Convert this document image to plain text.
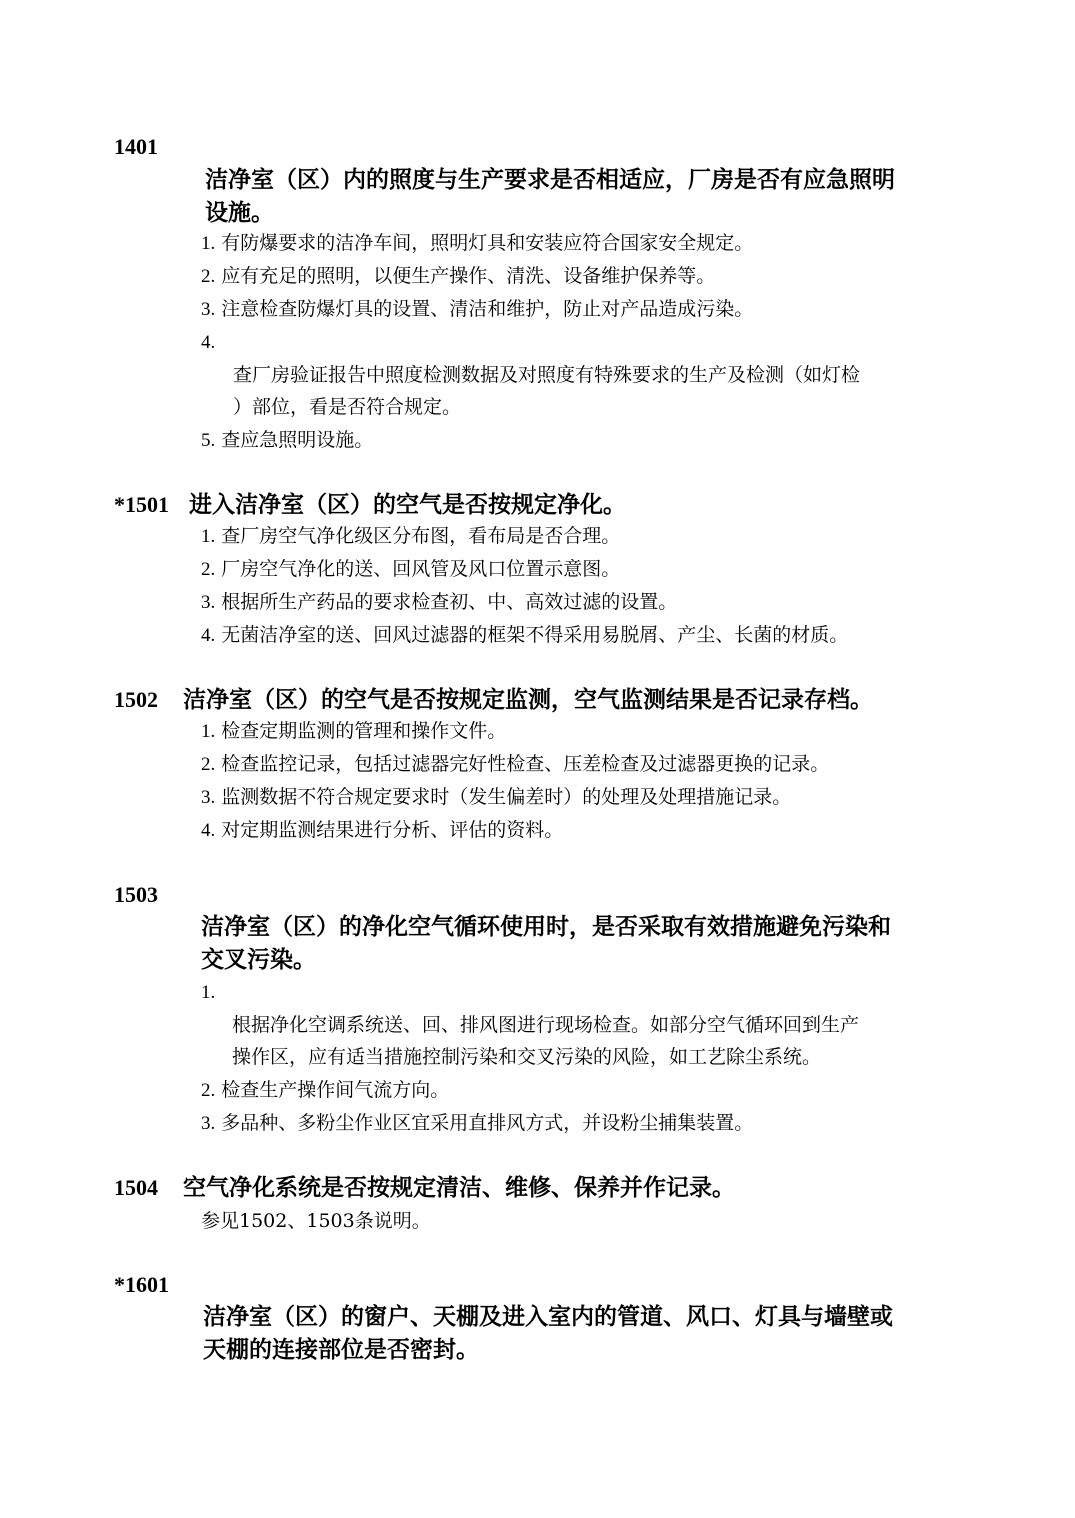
1401
洁净室（区）内的照度与生产要求是否相适应，厂房是否有应急照明
设施。
1. 有防爆要求的洁净车间，照明灯具和安装应符合国家安全规定。
2. 应有充足的照明，以便生产操作、清洗、设备维护保养等。
3. 注意检查防爆灯具的设置、清洁和维护，防止对产品造成污染。
4.
查厂房验证报告中照度检测数据及对照度有特殊要求的生产及检测（如灯检
）部位，看是否符合规定。
5. 查应急照明设施。
*1501 进入洁净室（区）的空气是否按规定净化。
1. 查厂房空气净化级区分布图，看布局是否合理。
2. 厂房空气净化的送、回风管及风口位置示意图。
3. 根据所生产药品的要求检查初、中、高效过滤的设置。
4. 无菌洁净室的送、回风过滤器的框架不得采用易脱屑、产尘、长菌的材质。
1502 洁净室（区）的空气是否按规定监测，空气监测结果是否记录存档。
1. 检查定期监测的管理和操作文件。
2. 检查监控记录，包括过滤器完好性检查、压差检查及过滤器更换的记录。
3. 监测数据不符合规定要求时（发生偏差时）的处理及处理措施记录。
4. 对定期监测结果进行分析、评估的资料。
1503
洁净室（区）的净化空气循环使用时，是否采取有效措施避免污染和
交叉污染。
1.
根据净化空调系统送、回、排风图进行现场检查。如部分空气循环回到生产
操作区，应有适当措施控制污染和交叉污染的风险，如工艺除尘系统。
2. 检查生产操作间气流方向。
3. 多品种、多粉尘作业区宜采用直排风方式，并设粉尘捕集装置。
1504 空气净化系统是否按规定清洁、维修、保养并作记录。
参见1502、1503条说明。
*1601
洁净室（区）的窗户、天棚及进入室内的管道、风口、灯具与墙壁或
天棚的连接部位是否密封。
